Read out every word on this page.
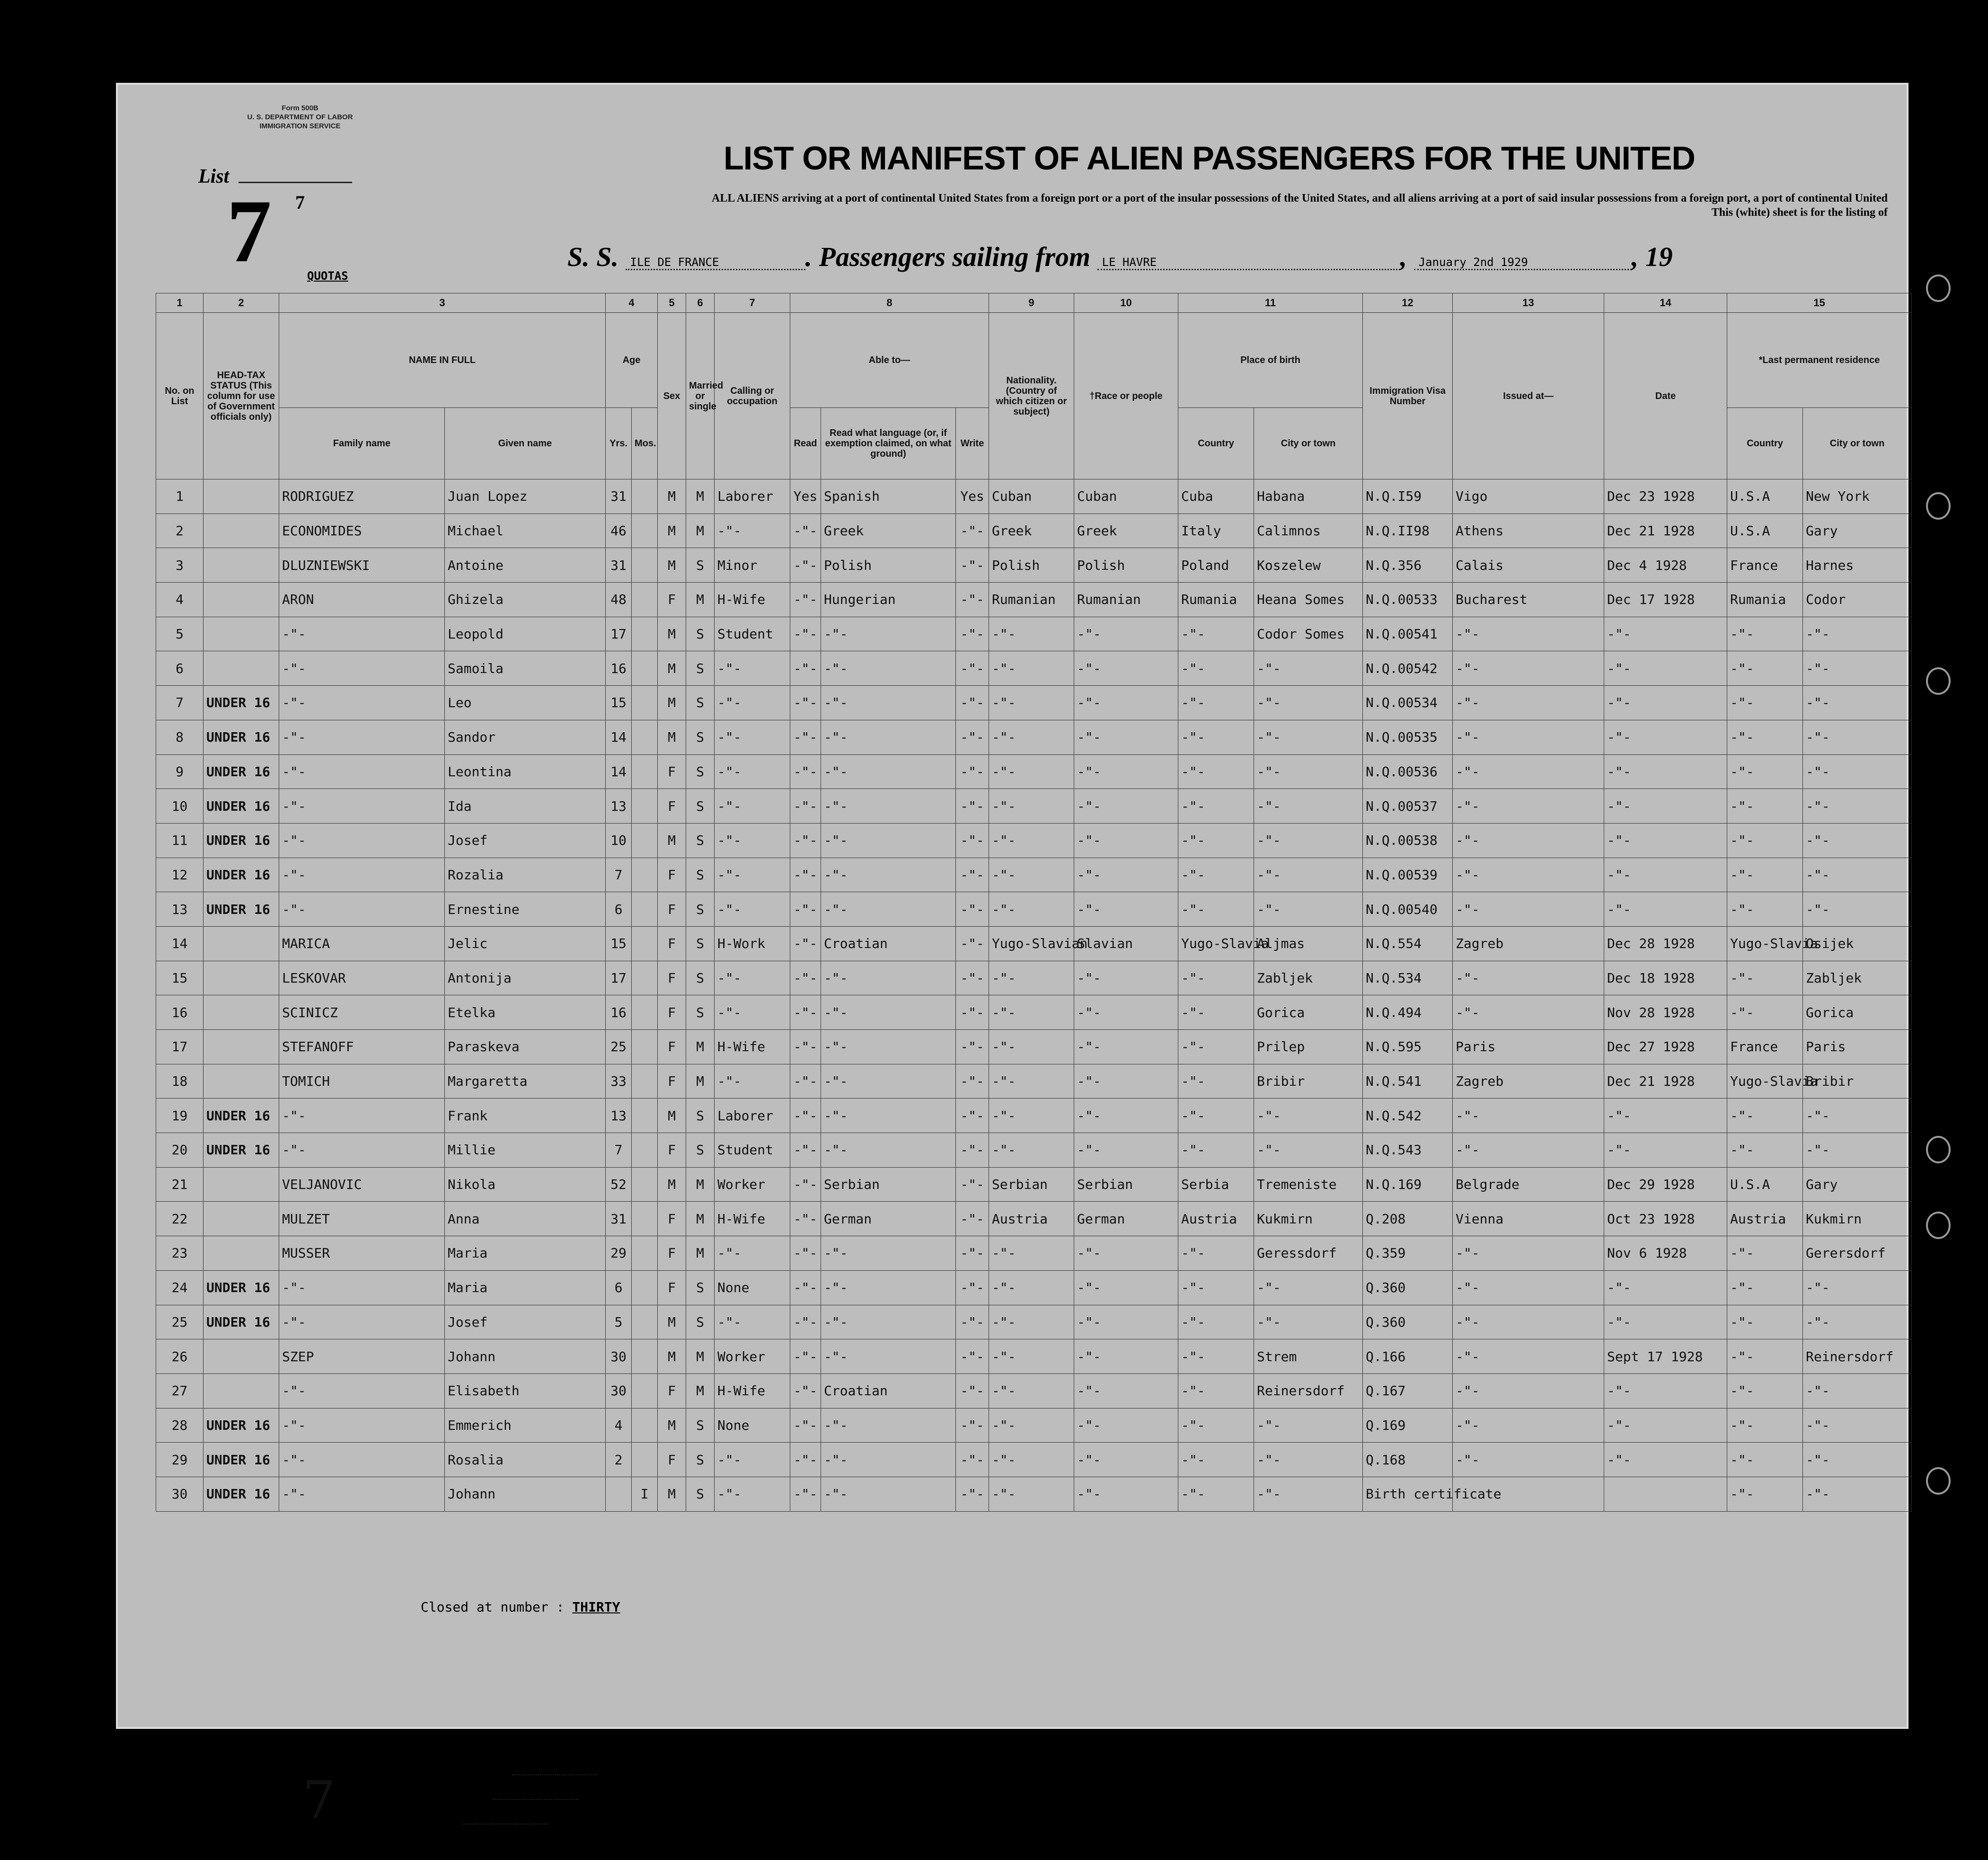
Form 500B
U. S. DEPARTMENT OF LABOR
IMMIGRATION SERVICE
List
7 7
QUOTAS
LIST OR MANIFEST OF ALIEN PASSENGERS FOR THE UNITED
ALL ALIENS arriving at a port of continental United States from a foreign port or a port of the insular possessions of the United States, and all aliens arriving at a port of said insular possessions from a foreign port, a port of continental United
This (white) sheet is for the listing of
S. S. ILE DE FRANCE	. Passengers sailing from LE HAVRE	, January 2nd 1929	, 19
1	2	3		4		5	6	7	8			9	10	11		12	13	14	15	
No. on List	HEAD-TAX STATUS (This column for use of Government officials only)	NAME IN FULL		Age		Sex	Married or single	Calling or occupation	Able to—			Nationality. (Country of which citizen or subject)	†Race or people	Place of birth		Immigration Visa Number	Issued at—	Date	*Last permanent residence	
		Family name	Given name	Yrs.	Mos.				Read	Read what language (or, if exemption claimed, on what ground)	Write			Country	City or town				Country	City or town
1		RODRIGUEZ	Juan Lopez	31		M	M	Laborer	Yes	Spanish	Yes	Cuban	Cuban	Cuba	Habana	N.Q.I59	Vigo	Dec 23 1928	U.S.A	New York
2		ECONOMIDES	Michael	46		M	M	-"-	-"-	Greek	-"-	Greek	Greek	Italy	Calimnos	N.Q.II98	Athens	Dec 21 1928	U.S.A	Gary
3		DLUZNIEWSKI	Antoine	31		M	S	Minor	-"-	Polish	-"-	Polish	Polish	Poland	Koszelew	N.Q.356	Calais	Dec 4 1928	France	Harnes
4		ARON	Ghizela	48		F	M	H-Wife	-"-	Hungerian	-"-	Rumanian	Rumanian	Rumania	Heana Somes	N.Q.00533	Bucharest	Dec 17 1928	Rumania	Codor
5		-"-	Leopold	17		M	S	Student	-"-	-"-	-"-	-"-	-"-	-"-	Codor Somes	N.Q.00541	-"-	-"-	-"-	-"-
6		-"-	Samoila	16		M	S	-"-	-"-	-"-	-"-	-"-	-"-	-"-	-"-	N.Q.00542	-"-	-"-	-"-	-"-
7	UNDER 16	-"-	Leo	15		M	S	-"-	-"-	-"-	-"-	-"-	-"-	-"-	-"-	N.Q.00534	-"-	-"-	-"-	-"-
8	UNDER 16	-"-	Sandor	14		M	S	-"-	-"-	-"-	-"-	-"-	-"-	-"-	-"-	N.Q.00535	-"-	-"-	-"-	-"-
9	UNDER 16	-"-	Leontina	14		F	S	-"-	-"-	-"-	-"-	-"-	-"-	-"-	-"-	N.Q.00536	-"-	-"-	-"-	-"-
10	UNDER 16	-"-	Ida	13		F	S	-"-	-"-	-"-	-"-	-"-	-"-	-"-	-"-	N.Q.00537	-"-	-"-	-"-	-"-
11	UNDER 16	-"-	Josef	10		M	S	-"-	-"-	-"-	-"-	-"-	-"-	-"-	-"-	N.Q.00538	-"-	-"-	-"-	-"-
12	UNDER 16	-"-	Rozalia	7		F	S	-"-	-"-	-"-	-"-	-"-	-"-	-"-	-"-	N.Q.00539	-"-	-"-	-"-	-"-
13	UNDER 16	-"-	Ernestine	6		F	S	-"-	-"-	-"-	-"-	-"-	-"-	-"-	-"-	N.Q.00540	-"-	-"-	-"-	-"-
14		MARICA	Jelic	15		F	S	H-Work	-"-	Croatian	-"-	Yugo-Slavian	Slavian	Yugo-Slavia	Aljmas	N.Q.554	Zagreb	Dec 28 1928	Yugo-Slavia	Osijek
15		LESKOVAR	Antonija	17		F	S	-"-	-"-	-"-	-"-	-"-	-"-	-"-	Zabljek	N.Q.534	-"-	Dec 18 1928	-"-	Zabljek
16		SCINICZ	Etelka	16		F	S	-"-	-"-	-"-	-"-	-"-	-"-	-"-	Gorica	N.Q.494	-"-	Nov 28 1928	-"-	Gorica
17		STEFANOFF	Paraskeva	25		F	M	H-Wife	-"-	-"-	-"-	-"-	-"-	-"-	Prilep	N.Q.595	Paris	Dec 27 1928	France	Paris
18		TOMICH	Margaretta	33		F	M	-"-	-"-	-"-	-"-	-"-	-"-	-"-	Bribir	N.Q.541	Zagreb	Dec 21 1928	Yugo-Slavia	Bribir
19	UNDER 16	-"-	Frank	13		M	S	Laborer	-"-	-"-	-"-	-"-	-"-	-"-	-"-	N.Q.542	-"-	-"-	-"-	-"-
20	UNDER 16	-"-	Millie	7		F	S	Student	-"-	-"-	-"-	-"-	-"-	-"-	-"-	N.Q.543	-"-	-"-	-"-	-"-
21		VELJANOVIC	Nikola	52		M	M	Worker	-"-	Serbian	-"-	Serbian	Serbian	Serbia	Tremeniste	N.Q.169	Belgrade	Dec 29 1928	U.S.A	Gary
22		MULZET	Anna	31		F	M	H-Wife	-"-	German	-"-	Austria	German	Austria	Kukmirn	Q.208	Vienna	Oct 23 1928	Austria	Kukmirn
23		MUSSER	Maria	29		F	M	-"-	-"-	-"-	-"-	-"-	-"-	-"-	Geressdorf	Q.359	-"-	Nov 6 1928	-"-	Gerersdorf
24	UNDER 16	-"-	Maria	6		F	S	None	-"-	-"-	-"-	-"-	-"-	-"-	-"-	Q.360	-"-	-"-	-"-	-"-
25	UNDER 16	-"-	Josef	5		M	S	-"-	-"-	-"-	-"-	-"-	-"-	-"-	-"-	Q.360	-"-	-"-	-"-	-"-
26		SZEP	Johann	30		M	M	Worker	-"-	-"-	-"-	-"-	-"-	-"-	Strem	Q.166	-"-	Sept 17 1928	-"-	Reinersdorf
27		-"-	Elisabeth	30		F	M	H-Wife	-"-	Croatian	-"-	-"-	-"-	-"-	Reinersdorf	Q.167	-"-	-"-	-"-	-"-
28	UNDER 16	-"-	Emmerich	4		M	S	None	-"-	-"-	-"-	-"-	-"-	-"-	-"-	Q.169	-"-	-"-	-"-	-"-
29	UNDER 16	-"-	Rosalia	2		F	S	-"-	-"-	-"-	-"-	-"-	-"-	-"-	-"-	Q.168	-"-	-"-	-"-	-"-
30	UNDER 16	-"-	Johann		I	M	S	-"-	-"-	-"-	-"-	-"-	-"-	-"-	-"-	Birth certificate			-"-	-"-
Closed at number : THIRTY
Total passengers
U. S. citizens
Aliens
*Permanent residence within the meaning of this manifest shall be actual or intended residence of one year or more.
† List of races will be found on the back of this sheet.
7
